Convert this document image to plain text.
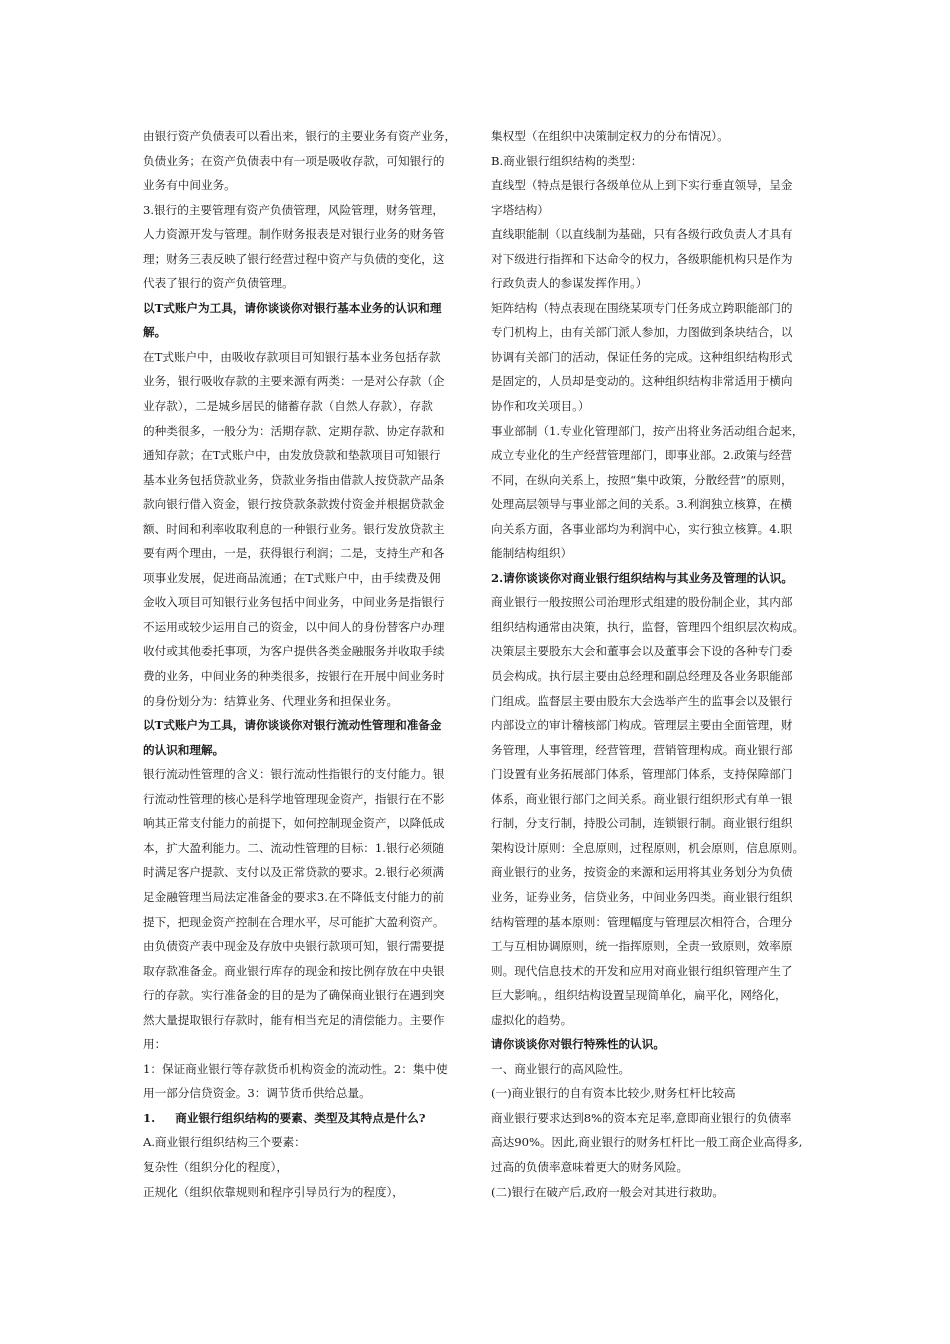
由银行资产负债表可以看出来，银行的主要业务有资产业务，
负债业务；在资产负债表中有一项是吸收存款，可知银行的
业务有中间业务。
3.银行的主要管理有资产负债管理，风险管理，财务管理，
人力资源开发与管理。制作财务报表是对银行业务的财务管
理；财务三表反映了银行经营过程中资产与负债的变化，这
代表了银行的资产负债管理。
以T式账户为工具，请你谈谈你对银行基本业务的认识和理
解。
在T式账户中，由吸收存款项目可知银行基本业务包括存款
业务，银行吸收存款的主要来源有两类：一是对公存款（企
业存款），二是城乡居民的储蓄存款（自然人存款），存款
的种类很多，一般分为：活期存款、定期存款、协定存款和
通知存款；在T式账户中，由发放贷款和垫款项目可知银行
基本业务包括贷款业务，贷款业务指由借款人按贷款产品条
款向银行借入资金，银行按贷款条款拨付资金并根据贷款金
额、时间和利率收取利息的一种银行业务。银行发放贷款主
要有两个理由，一是，获得银行利润；二是，支持生产和各
项事业发展，促进商品流通；在T式账户中，由手续费及佣
金收入项目可知银行业务包括中间业务，中间业务是指银行
不运用或较少运用自己的资金，以中间人的身份替客户办理
收付或其他委托事项，为客户提供各类金融服务并收取手续
费的业务，中间业务的种类很多，按银行在开展中间业务时
的身份划分为：结算业务、代理业务和担保业务。
以T式账户为工具，请你谈谈你对银行流动性管理和准备金
的认识和理解。
银行流动性管理的含义：银行流动性指银行的支付能力。银
行流动性管理的核心是科学地管理现金资产，指银行在不影
响其正常支付能力的前提下，如何控制现金资产，以降低成
本，扩大盈利能力。二、流动性管理的目标：1.银行必须随
时满足客户提款、支付以及正常贷款的要求。2.银行必须满
足金融管理当局法定准备金的要求3.在不降低支付能力的前
提下，把现金资产控制在合理水平，尽可能扩大盈利资产。
由负债资产表中现金及存放中央银行款项可知，银行需要提
取存款准备金。商业银行库存的现金和按比例存放在中央银
行的存款。实行准备金的目的是为了确保商业银行在遇到突
然大量提取银行存款时，能有相当充足的清偿能力。主要作
用：
1：保证商业银行等存款货币机构资金的流动性。2：集中使
用一部分信贷资金。3：调节货币供给总量。
1.     商业银行组织结构的要素、类型及其特点是什么?
A.商业银行组织结构三个要素：
复杂性（组织分化的程度），
正规化（组织依靠规则和程序引导员行为的程度），
集权型（在组织中决策制定权力的分布情况）。
B.商业银行组织结构的类型：
直线型（特点是银行各级单位从上到下实行垂直领导，呈金
字塔结构）
直线职能制（以直线制为基础，只有各级行政负责人才具有
对下级进行指挥和下达命令的权力，各级职能机构只是作为
行政负责人的参谋发挥作用。）
矩阵结构（特点表现在围绕某项专门任务成立跨职能部门的
专门机构上，由有关部门派人参加，力图做到条块结合，以
协调有关部门的活动，保证任务的完成。这种组织结构形式
是固定的，人员却是变动的。这种组织结构非常适用于横向
协作和攻关项目。）
事业部制（1.专业化管理部门，按产出将业务活动组合起来，
成立专业化的生产经营管理部门，即事业部。2.政策与经营
不同，在纵向关系上，按照“集中政策，分散经营”的原则，
处理高层领导与事业部之间的关系。3.利润独立核算，在横
向关系方面，各事业部均为利润中心，实行独立核算。4.职
能制结构组织）
2.请你谈谈你对商业银行组织结构与其业务及管理的认识。
商业银行一般按照公司治理形式组建的股份制企业，其内部
组织结构通常由决策，执行，监督，管理四个组织层次构成。
决策层主要股东大会和董事会以及董事会下设的各种专门委
员会构成。执行层主要由总经理和副总经理及各业务职能部
门组成。监督层主要由股东大会选举产生的监事会以及银行
内部设立的审计稽核部门构成。管理层主要由全面管理，财
务管理，人事管理，经营管理，营销管理构成。商业银行部
门设置有业务拓展部门体系，管理部门体系，支持保障部门
体系，商业银行部门之间关系。商业银行组织形式有单一银
行制，分支行制，持股公司制，连锁银行制。商业银行组织
架构设计原则：全息原则，过程原则，机会原则，信息原则。
商业银行的业务，按资金的来源和运用将其业务划分为负债
业务，证券业务，信贷业务，中间业务四类。商业银行组织
结构管理的基本原则：管理幅度与管理层次相符合，合理分
工与互相协调原则，统一指挥原则，全责一致原则，效率原
则。现代信息技术的开发和应用对商业银行组织管理产生了
巨大影响。，组织结构设置呈现简单化，扁平化，网络化，
虚拟化的趋势。
请你谈谈你对银行特殊性的认识。
一、商业银行的高风险性。
(一)商业银行的自有资本比较少,财务杠杆比较高
商业银行要求达到8%的资本充足率,意即商业银行的负债率
高达90%。因此,商业银行的财务杠杆比一般工商企业高得多,
过高的负债率意味着更大的财务风险。
(二)银行在破产后,政府一般会对其进行救助。
